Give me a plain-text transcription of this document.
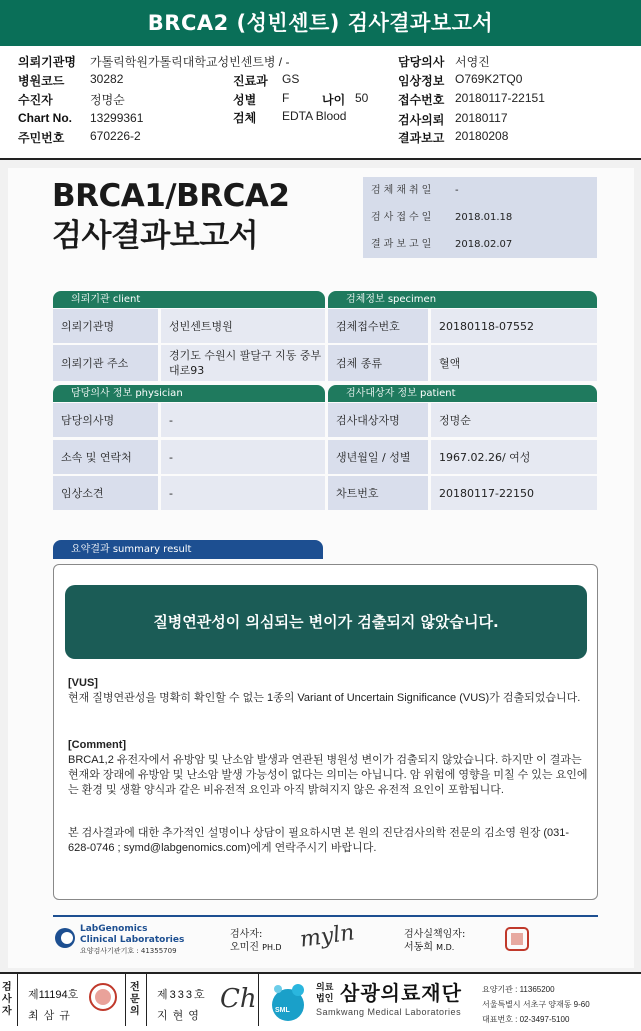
BRCA2 (성빈센트) 검사결과보고서
의뢰기관명 가톨릭학원가톨릭대학교성빈센트병 / -	담당의사 서영진
병원코드 30282	진료과 GS	임상정보 O769K2TQ0
수진자	정명순	성별 F	나이 50 접수번호 20180117-22151
Chart No. 13299361	검체 EDTA Blood	검사의뢰 20180117
주민번호 670226-2	결과보고 20180208
BRCA1/BRCA2
검사결과보고서
검체채취일 -
검사접수일 2018.01.18
결과보고일 2018.02.07
의뢰기관 client	검체정보 specimen
의뢰기관명	성빈센트병원
의뢰기관 주소
경기도 수원시 팔달구 지동 중부대로93
검체접수번호	20180118-07552
검체 종류	혈액
담당의사 정보 physician	검사대상자 정보 patient
담당의사명	-
소속 및 연락처	-
임상소견	-
검사대상자명	정명순
생년월일 / 성별	1967.02.26/ 여성
차트번호	20180117-22150
요약결과 summary result
질병연관성이 의심되는 변이가 검출되지 않았습니다.
[VUS]
현재 질병연관성을 명확히 확인할 수 없는 1종의 Variant of Uncertain Significance (VUS)가 검출되었습니다.
[Comment]
BRCA1,2 유전자에서 유방암 및 난소암 발생과 연관된 병원성 변이가 검출되지 않았습니다. 하지만 이 결과는 현재와 장래에 유방암 및 난소암 발생 가능성이 없다는 의미는 아닙니다. 암 위험에 영향을 미칠 수 있는 요인에는 환경 및 생활 양식과 같은 비유전적 요인과 아직 밝혀지지 않은 유전적 요인이 포함됩니다.
본 검사결과에 대한 추가적인 설명이나 상담이 필요하시면 본 원의 진단검사의학 전문의 김소영 원장 (031-628-0746 ; symd@labgenomics.com)에게 연락주시기 바랍니다.
LabGenomics
Clinical Laboratories
요양검사기관기호 : 41355709
검사자:
오미진 PH.D myln	검사실책임자:
서동희 M.D.
검사자
제11194호
최삼규
전문의
제333호
지현영
Ch	SML
의료
법인 삼광의료재단
Samkwang Medical Laboratories
요양기관 : 11365200
서울특별시 서초구 양재동 9-60
대표번호 : 02-3497-5100
